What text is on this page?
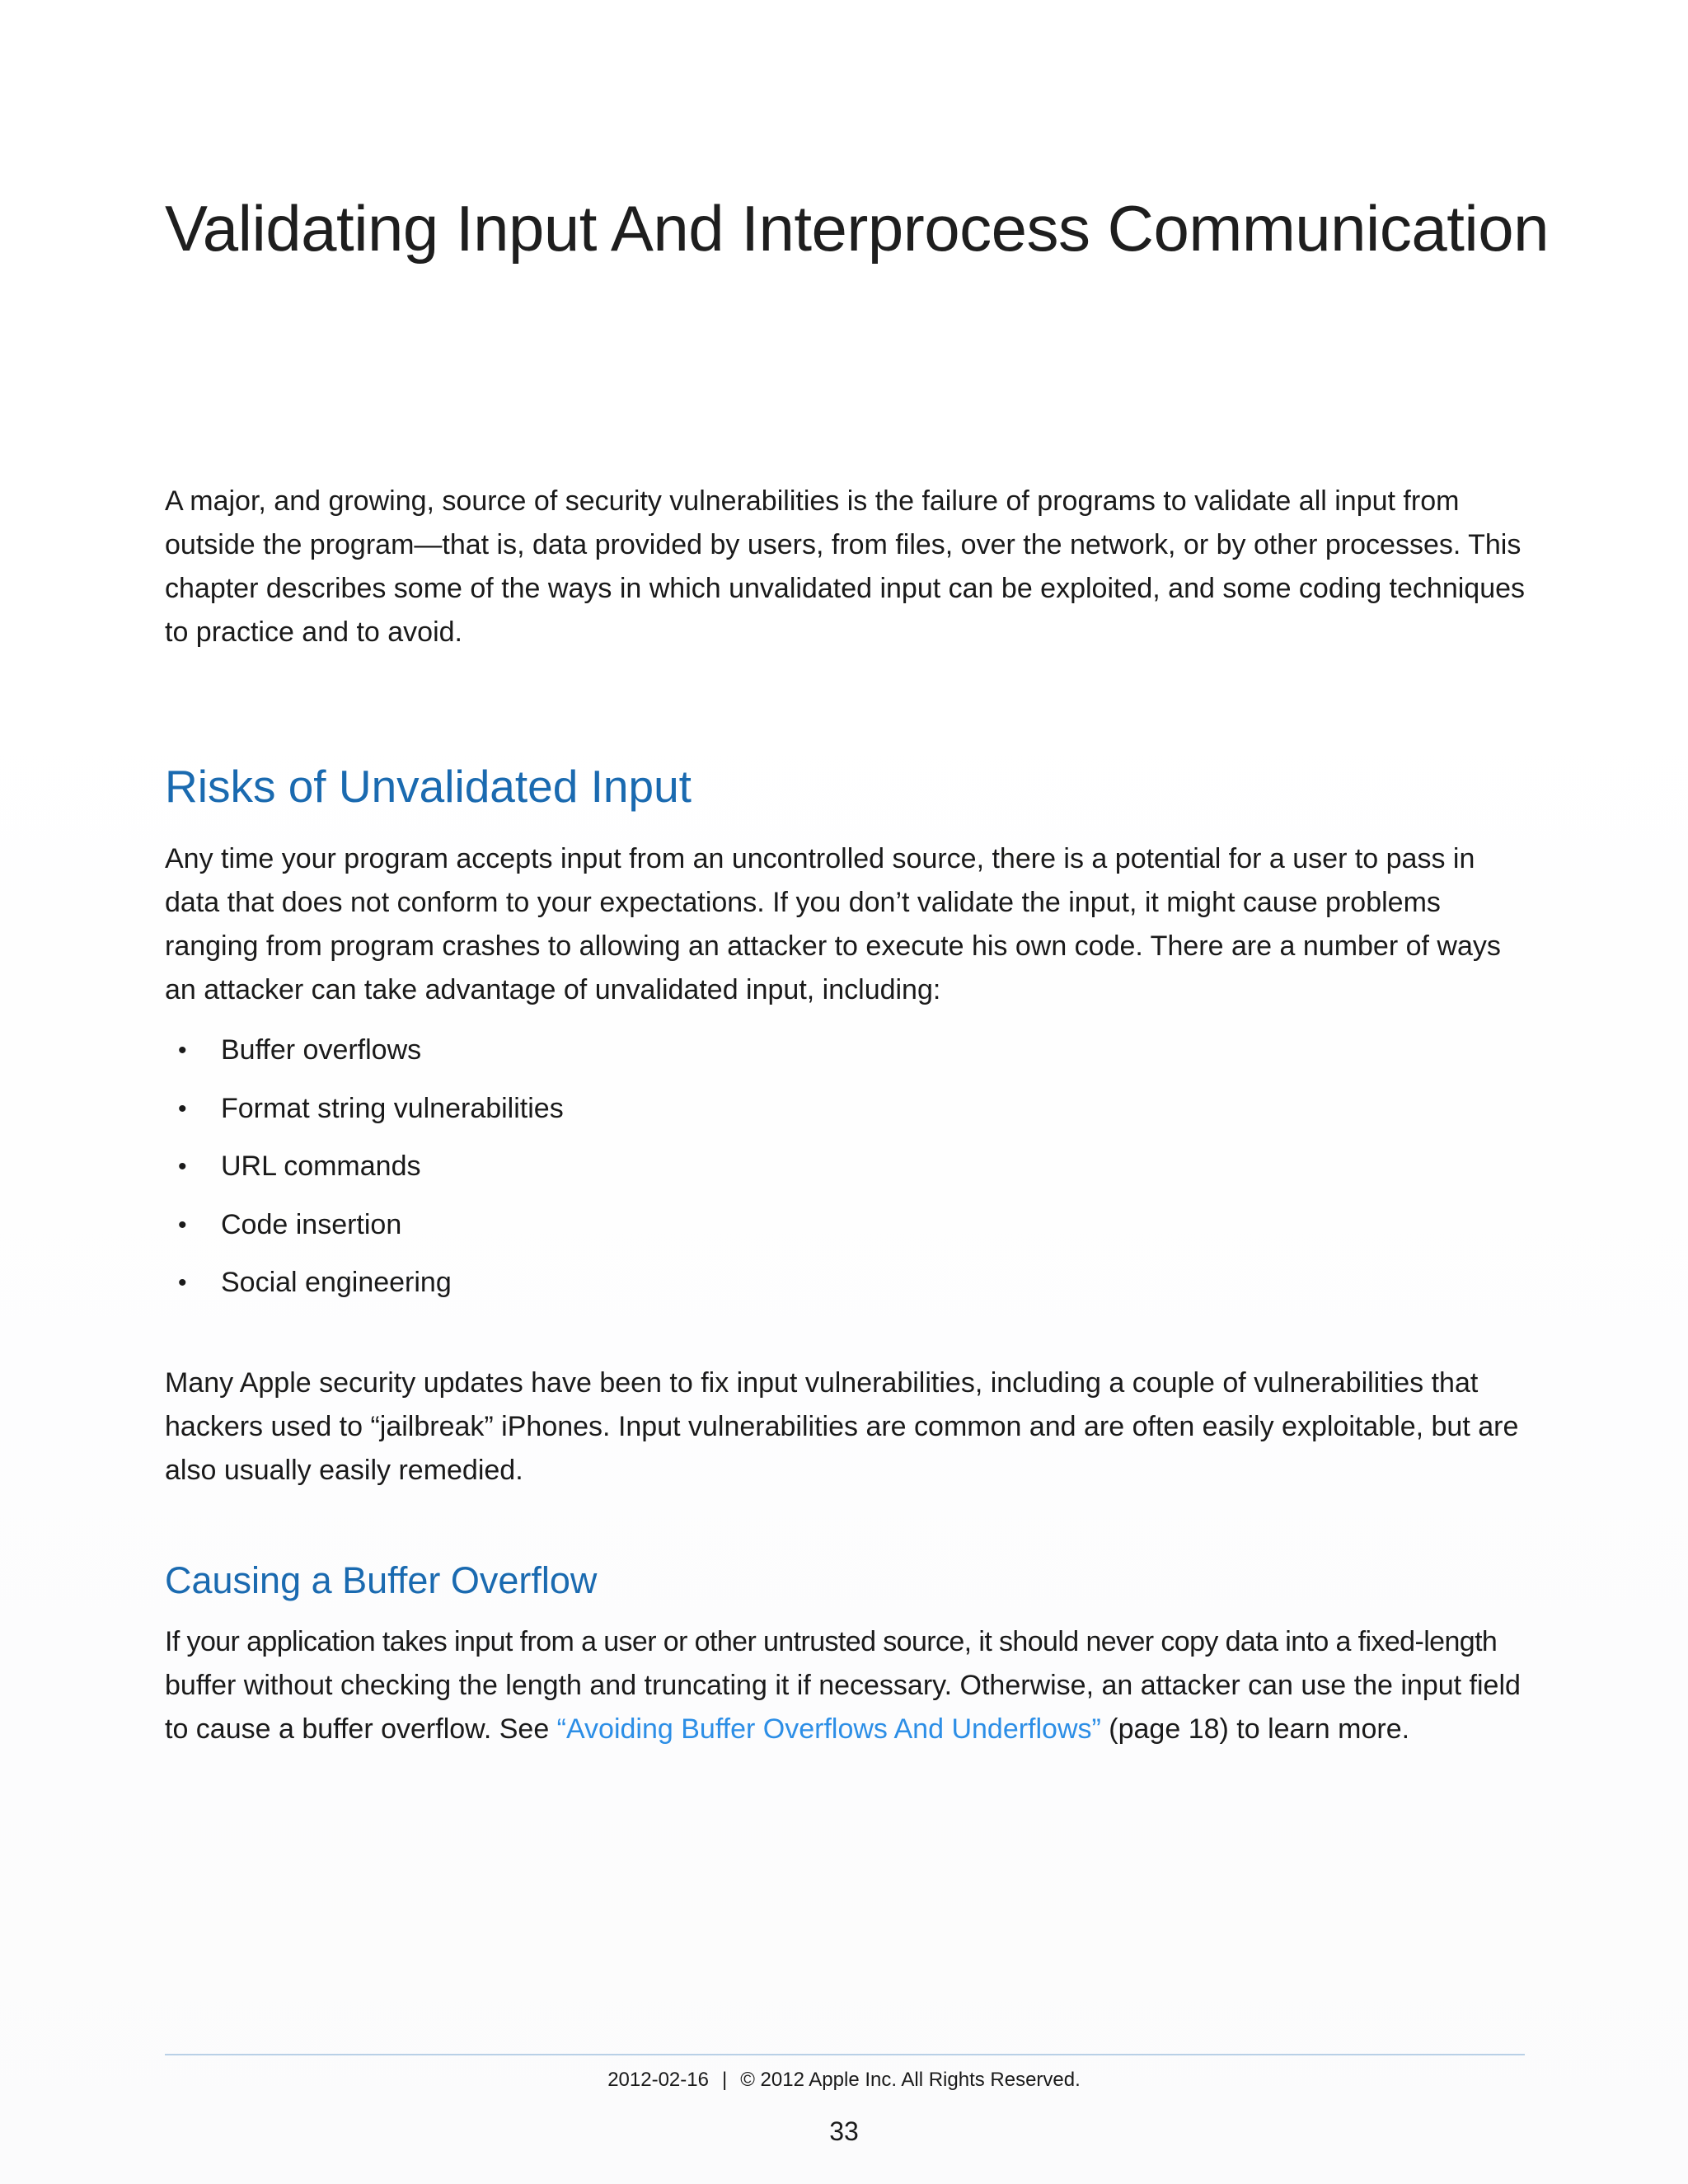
Validating Input And Interprocess Communication

A major, and growing, source of security vulnerabilities is the failure of programs to validate all input from outside the program—that is, data provided by users, from files, over the network, or by other processes. This chapter describes some of the ways in which unvalidated input can be exploited, and some coding techniques to practice and to avoid.

Risks of Unvalidated Input

Any time your program accepts input from an uncontrolled source, there is a potential for a user to pass in data that does not conform to your expectations. If you don’t validate the input, it might cause problems ranging from program crashes to allowing an attacker to execute his own code. There are a number of ways an attacker can take advantage of unvalidated input, including:

• Buffer overflows
• Format string vulnerabilities
• URL commands
• Code insertion
• Social engineering

Many Apple security updates have been to fix input vulnerabilities, including a couple of vulnerabilities that hackers used to “jailbreak” iPhones. Input vulnerabilities are common and are often easily exploitable, but are also usually easily remedied.

Causing a Buffer Overflow

If your application takes input from a user or other untrusted source, it should never copy data into a fixed-length
buffer without checking the length and truncating it if necessary. Otherwise, an attacker can use the input field to cause a buffer overflow. See “Avoiding Buffer Overflows And Underflows” (page 18) to learn more.

2012-02-16 | © 2012 Apple Inc. All Rights Reserved.
33
